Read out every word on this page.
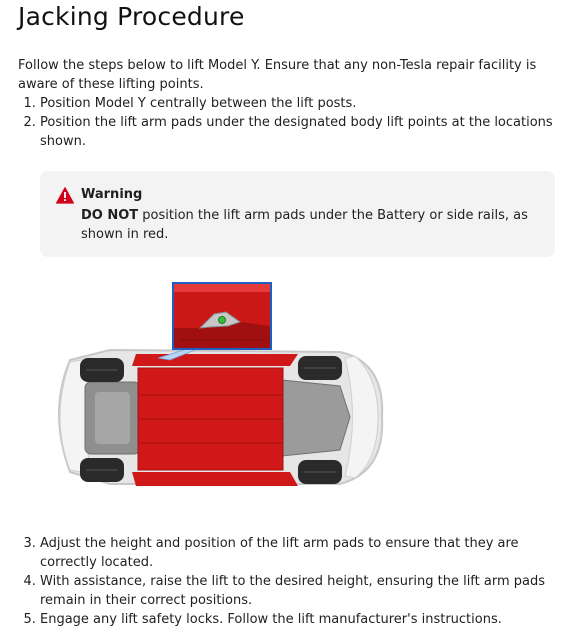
Jacking Procedure

Follow the steps below to lift Model Y. Ensure that any non-Tesla repair facility is aware of these lifting points.

1. Position Model Y centrally between the lift posts.
2. Position the lift arm pads under the designated body lift points at the locations shown.
Warning
DO NOT position the lift arm pads under the Battery or side rails, as shown in red.
3. Adjust the height and position of the lift arm pads to ensure that they are correctly located.
4. With assistance, raise the lift to the desired height, ensuring the lift arm pads remain in their correct positions.
5. Engage any lift safety locks. Follow the lift manufacturer's instructions.
